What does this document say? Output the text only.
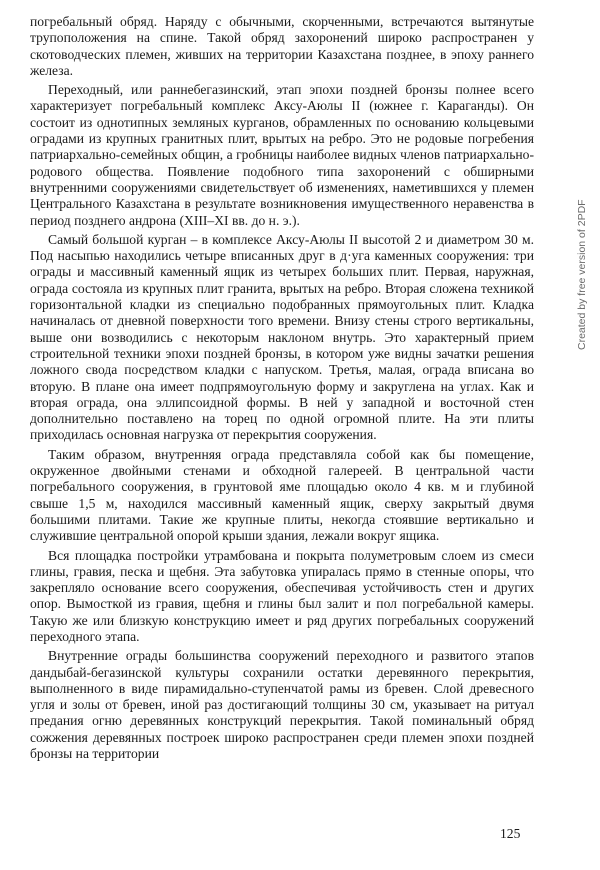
погребальный обряд. Наряду с обычными, скорченными, встречаются вытянутые трупоположения на спине. Такой обряд захоронений широко распространен у скотоводческих племен, живших на территории Казахстана позднее, в эпоху раннего железа.

Переходный, или раннебегазинский, этап эпохи поздней бронзы полнее всего характеризует погребальный комплекс Аксу-Аюлы II (южнее г. Караганды). Он состоит из однотипных земляных курганов, обрамленных по основанию кольцевыми оградами из крупных гранитных плит, врытых на ребро. Это не родовые погребения патриархально-семейных общин, а гробницы наиболее видных членов патриархально-родового общества. Появление подобного типа захоронений с обширными внутренними сооружениями свидетельствует об изменениях, наметившихся у племен Центрального Казахстана в результате возникновения имущественного неравенства в период позднего андрона (XIII–XI вв. до н. э.).

Самый большой курган – в комплексе Аксу-Аюлы II высотой 2 и диаметром 30 м. Под насыпью находились четыре вписанных друг в д·уга каменных сооружения: три ограды и массивный каменный ящик из четырех больших плит. Первая, наружная, ограда состояла из крупных плит гранита, врытых на ребро. Вторая сложена техникой горизонтальной кладки из специально подобранных прямоугольных плит. Кладка начиналась от дневной поверхности того времени. Внизу стены строго вертикальны, выше они возводились с некоторым наклоном внутрь. Это характерный прием строительной техники эпохи поздней бронзы, в котором уже видны зачатки решения ложного свода посредством кладки с напуском. Третья, малая, ограда вписана во вторую. В плане она имеет подпрямоугольную форму и закруглена на углах. Как и вторая ограда, она эллипсоидной формы. В ней у западной и восточной стен дополнительно поставлено на торец по одной огромной плите. На эти плиты приходилась основная нагрузка от перекрытия сооружения.

Таким образом, внутренняя ограда представляла собой как бы помещение, окруженное двойными стенами и обходной галереей. В центральной части погребального сооружения, в грунтовой яме площадью около 4 кв. м и глубиной свыше 1,5 м, находился массивный каменный ящик, сверху закрытый двумя большими плитами. Такие же крупные плиты, некогда стоявшие вертикально и служившие центральной опорой крыши здания, лежали вокруг ящика.

Вся площадка постройки утрамбована и покрыта полуметровым слоем из смеси глины, гравия, песка и щебня. Эта забутовка упиралась прямо в стенные опоры, что закрепляло основание всего сооружения, обеспечивая устойчивость стен и других опор. Вымосткой из гравия, щебня и глины был залит и пол погребальной камеры. Такую же или близкую конструкцию имеет и ряд других погребальных сооружений переходного этапа.

Внутренние ограды большинства сооружений переходного и развитого этапов дандыбай-бегазинской культуры сохранили остатки деревянного перекрытия, выполненного в виде пирамидально-ступенчатой рамы из бревен. Слой древесного угля и золы от бревен, иной раз достигающий толщины 30 см, указывает на ритуал предания огню деревянных конструкций перекрытия. Такой поминальный обряд сожжения деревянных построек широко распространен среди племен эпохи поздней бронзы на территории

Created by free version of 2PDF
125
